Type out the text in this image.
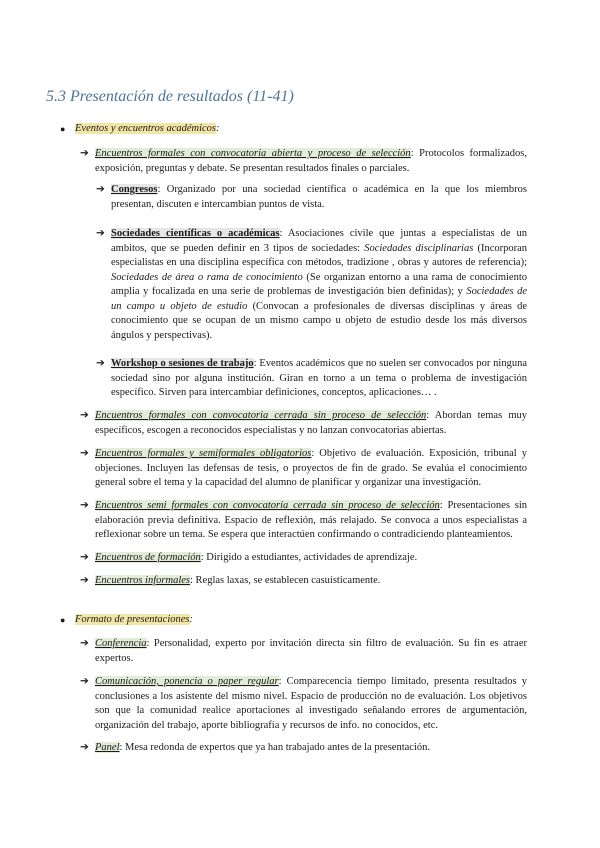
5.3 Presentación de resultados (11-41)
● Eventos y encuentros académicos:
➔ Encuentros formales con convocatoria abierta y proceso de selección: Protocolos formalizados, exposición, preguntas y debate. Se presentan resultados finales o parciales.
➔ Congresos: Organizado por una sociedad científica o académica en la que los miembros presentan, discuten e intercambian puntos de vista.
➔ Sociedades científicas o académicas: Asociaciones civile que juntas a especialistas de un ambitos, que se pueden definir en 3 tipos de sociedades: Sociedades disciplinarias (Incorporan especialistas en una disciplina específica con métodos, tradizione , obras y autores de referencia); Sociedades de área o rama de conocimiento (Se organizan entorno a una rama de conocimiento amplia y focalizada en una serie de problemas de investigación bien definidas); y Sociedades de un campo u objeto de estudio (Convocan a profesionales de diversas disciplinas y áreas de conocimiento que se ocupan de un mismo campo u objeto de estudio desde los más diversos ángulos y perspectivas).
➔ Workshop o sesiones de trabajo: Eventos académicos que no suelen ser convocados por ninguna sociedad sino por alguna institución. Giran en torno a un tema o problema de investigación específico. Sirven para intercambiar definiciones, conceptos, aplicaciones… .
➔ Encuentros formales con convocatoria cerrada sin proceso de selección: Abordan temas muy específicos, escogen a reconocidos especialistas y no lanzan convocatorias abiertas.
➔ Encuentros formales y semiformales obligatorios: Objetivo de evaluación. Exposición, tribunal y objeciones. Incluyen las defensas de tesis, o proyectos de fin de grado. Se evalúa el conocimiento general sobre el tema y la capacidad del alumno de planificar y organizar una investigación.
➔ Encuentros semi formales con convocatoria cerrada sin proceso de selección: Presentaciones sin elaboración previa definitiva. Espacio de reflexión, más relajado. Se convoca a unos especialistas a reflexionar sobre un tema. Se espera que interactúen confirmando o contradiciendo planteamientos.
➔ Encuentros de formación: Dirigido a estudiantes, actividades de aprendizaje.
➔ Encuentros informales: Reglas laxas, se establecen casuísticamente.
● Formato de presentaciones:
➔ Conferencia: Personalidad, experto por invitación directa sin filtro de evaluación. Su fin es atraer expertos.
➔ Comunicación, ponencia o paper regular: Comparecencia tiempo limitado, presenta resultados y conclusiones a los asistente del mismo nivel. Espacio de producción no de evaluación. Los objetivos son que la comunidad realice aportaciones al investigado señalando errores de argumentación, organización del trabajo, aporte bibliografía y recursos de info. no conocidos, etc.
➔ Panel: Mesa redonda de expertos que ya han trabajado antes de la presentación.
